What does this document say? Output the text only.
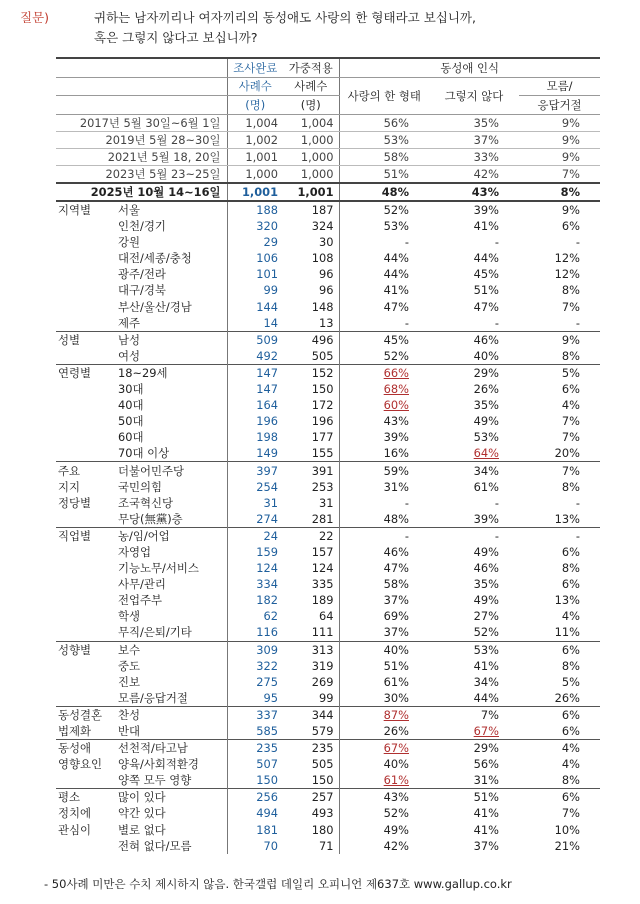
질문)	귀하는 남자끼리나 여자끼리의 동성애도 사랑의 한 형태라고 보십니까,
혹은 그렇지 않다고 보십니까?
		조사완료	가중적용	동성애 인식		
		사례수	사례수	사랑의 한 형태	그렇지 않다	모름/
		(명)	(명)			응답거절
2017년 5월 30일~6월 1일		1,004	1,004	56%	35%	9%
2019년 5월 28~30일		1,002	1,000	53%	37%	9%
2021년 5월 18, 20일		1,001	1,000	58%	33%	9%
2023년 5월 23~25일		1,000	1,000	51%	42%	7%
2025년 10월 14~16일		1,001	1,001	48%	43%	8%
지역별	서울	188	187	52%	39%	9%
	인천/경기	320	324	53%	41%	6%
	강원	29	30	-	-	-
	대전/세종/충청	106	108	44%	44%	12%
	광주/전라	101	96	44%	45%	12%
	대구/경북	99	96	41%	51%	8%
	부산/울산/경남	144	148	47%	47%	7%
	제주	14	13	-	-	-
성별	남성	509	496	45%	46%	9%
	여성	492	505	52%	40%	8%
연령별	18~29세	147	152	66%	29%	5%
	30대	147	150	68%	26%	6%
	40대	164	172	60%	35%	4%
	50대	196	196	43%	49%	7%
	60대	198	177	39%	53%	7%
	70대 이상	149	155	16%	64%	20%
주요	더불어민주당	397	391	59%	34%	7%
지지	국민의힘	254	253	31%	61%	8%
정당별	조국혁신당	31	31	-	-	-
	무당(無黨)층	274	281	48%	39%	13%
직업별	농/임/어업	24	22	-	-	-
	자영업	159	157	46%	49%	6%
	기능노무/서비스	124	124	47%	46%	8%
	사무/관리	334	335	58%	35%	6%
	전업주부	182	189	37%	49%	13%
	학생	62	64	69%	27%	4%
	무직/은퇴/기타	116	111	37%	52%	11%
성향별	보수	309	313	40%	53%	6%
	중도	322	319	51%	41%	8%
	진보	275	269	61%	34%	5%
	모름/응답거절	95	99	30%	44%	26%
동성결혼	찬성	337	344	87%	7%	6%
법제화	반대	585	579	26%	67%	6%
동성애	선천적/타고남	235	235	67%	29%	4%
영향요인	양육/사회적환경	507	505	40%	56%	4%
	양쪽 모두 영향	150	150	61%	31%	8%
평소	많이 있다	256	257	43%	51%	6%
정치에	약간 있다	494	493	52%	41%	7%
관심이	별로 없다	181	180	49%	41%	10%
	전혀 없다/모름	70	71	42%	37%	21%
- 50사례 미만은 수치 제시하지 않음. 한국갤럽 데일리 오피니언 제637호 www.gallup.co.kr
